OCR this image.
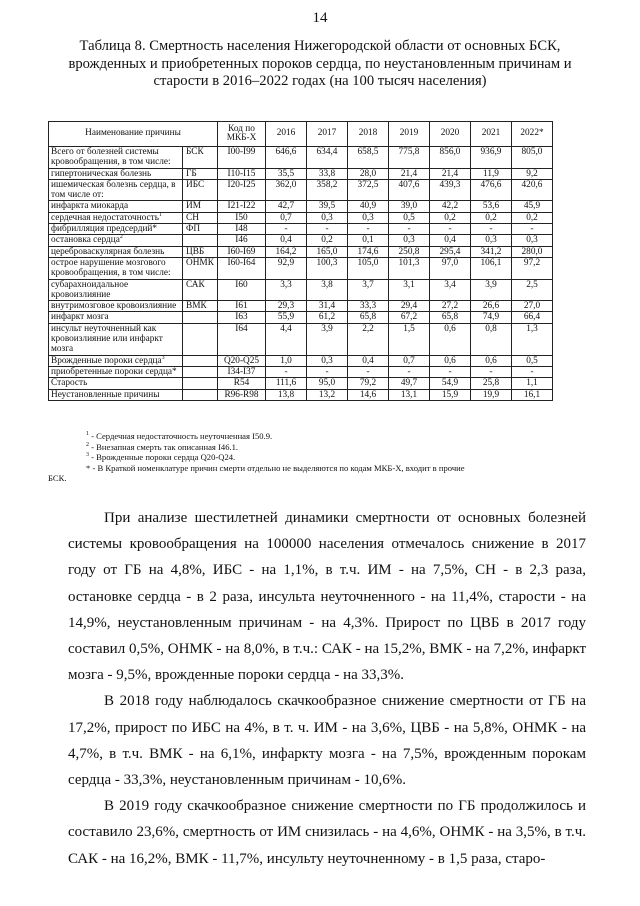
14
Таблица 8. Смертность населения Нижегородской области от основных БСК, врожденных и приобретенных пороков сердца, по неустановленным причинам и старости в 2016–2022 годах (на 100 тысяч населения)
Наименование причины		Код по МКБ-Х	2016	2017	2018	2019	2020	2021	2022*
Всего от болезней системы кровообращения, в том числе:	БСК	I00-I99	646,6	634,4	658,5	775,8	856,0	936,9	805,0
гипертоническая болезнь	ГБ	I10-I15	35,5	33,8	28,0	21,4	21,4	11,9	9,2
ишемическая болезнь сердца, в том числе от:	ИБС	I20-I25	362,0	358,2	372,5	407,6	439,3	476,6	420,6
инфаркта миокарда	ИМ	I21-I22	42,7	39,5	40,9	39,0	42,2	53,6	45,9
сердечная недостаточность$^1$	СН	I50	0,7	0,3	0,3	0,5	0,2	0,2	0,2
фибрилляция предсердий*	ФП	I48	-	-	-	-	-	-	-
остановка сердца$^2$		I46	0,4	0,2	0,1	0,3	0,4	0,3	0,3
цереброваскулярная болезнь	ЦВБ	I60-I69	164,2	165,0	174,6	250,8	295,4	341,2	280,0
острое нарушение мозгового кровообращения, в том числе:	ОНМК	I60-I64	92,9	100,3	105,0	101,3	97,0	106,1	97,2
субарахноидальное кровоизлияние	САК	I60	3,3	3,8	3,7	3,1	3,4	3,9	2,5
внутримозговое кровоизлияние	ВМК	I61	29,3	31,4	33,3	29,4	27,2	26,6	27,0
инфаркт мозга		I63	55,9	61,2	65,8	67,2	65,8	74,9	66,4
инсульт неуточненный как кровоизлияние или инфаркт мозга		I64	4,4	3,9	2,2	1,5	0,6	0,8	1,3
Врожденные пороки сердца$^3$		Q20-Q25	1,0	0,3	0,4	0,7	0,6	0,6	0,5
приобретенные пороки сердца*		I34-I37	-	-	-	-	-	-	-
Старость		R54	111,6	95,0	79,2	49,7	54,9	25,8	1,1
Неустановленные причины		R96-R98	13,8	13,2	14,6	13,1	15,9	19,9	16,1
$^1$ - Сердечная недостаточность неуточненная I50.9.
$^2$ - Внезапная смерть так описанная I46.1.
$^3$ - Врожденные пороки сердца Q20-Q24.
* - В Краткой номенклатуре причин смерти отдельно не выделяются по кодам МКБ-Х, входит в прочие
БСК.

При анализе шестилетней динамики смертности от основных болезней системы кровообращения на 100000 населения отмечалось снижение в 2017 году от ГБ на 4,8%, ИБС - на 1,1%, в т.ч. ИМ - на 7,5%, СН - в 2,3 раза, остановке сердца - в 2 раза, инсульта неуточненного - на 11,4%, старости - на 14,9%, неустановленным причинам - на 4,3%. Прирост по ЦВБ в 2017 году составил 0,5%, ОНМК - на 8,0%, в т.ч.: САК - на 15,2%, ВМК - на 7,2%, инфаркт мозга - 9,5%, врожденные пороки сердца - на 33,3%.

В 2018 году наблюдалось скачкообразное снижение смертности от ГБ на 17,2%, прирост по ИБС на 4%, в т. ч. ИМ - на 3,6%, ЦВБ - на 5,8%, ОНМК - на 4,7%, в т.ч. ВМК - на 6,1%, инфаркту мозга - на 7,5%, врожденным порокам сердца - 33,3%, неустановленным причинам - 10,6%.

В 2019 году скачкообразное снижение смертности по ГБ продолжилось и составило 23,6%, смертность от ИМ снизилась - на 4,6%, ОНМК - на 3,5%, в т.ч. САК - на 16,2%, ВМК - 11,7%, инсульту неуточненному - в 1,5 раза, старо-
